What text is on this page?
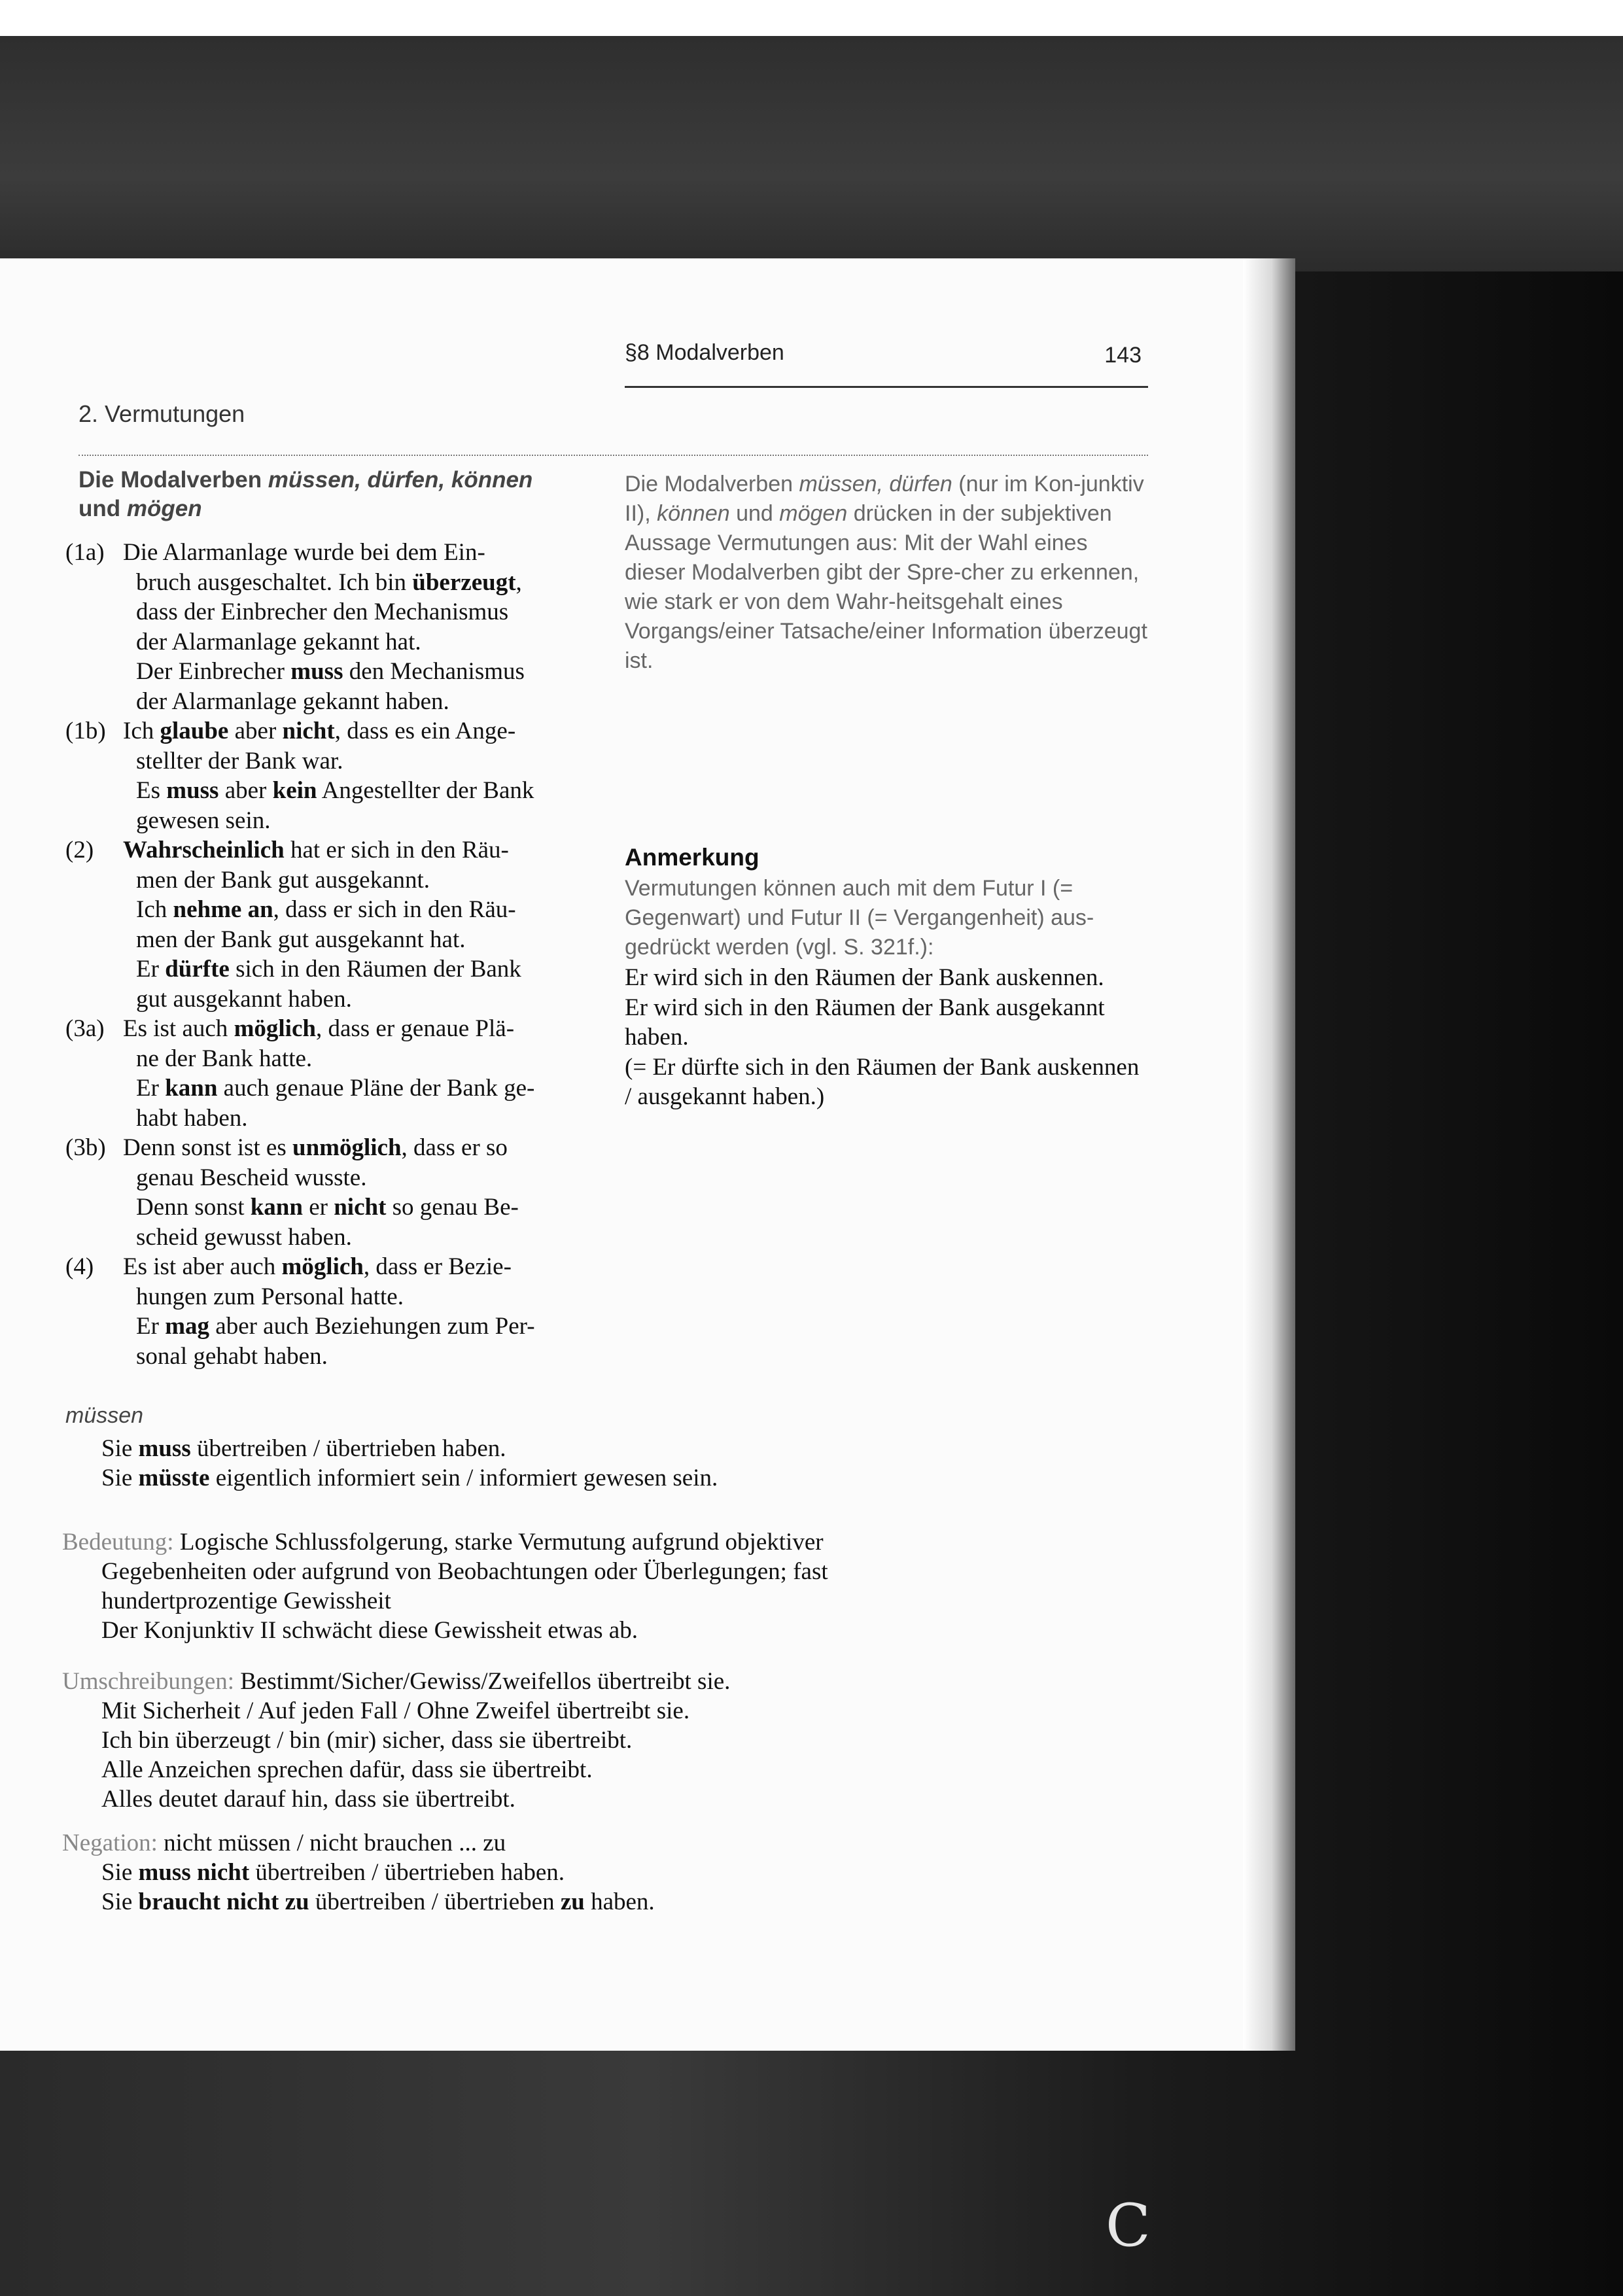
§8 Modalverben	143
2. Vermutungen
Die Modalverben müssen, dürfen, können
und mögen
(1a) Die Alarmanlage wurde bei dem Ein-
bruch ausgeschaltet. Ich bin überzeugt,
dass der Einbrecher den Mechanismus
der Alarmanlage gekannt hat.
Der Einbrecher muss den Mechanismus
der Alarmanlage gekannt haben.
(1b) Ich glaube aber nicht, dass es ein Ange-
stellter der Bank war.
Es muss aber kein Angestellter der Bank
gewesen sein.
(2) Wahrscheinlich hat er sich in den Räu-
men der Bank gut ausgekannt.
Ich nehme an, dass er sich in den Räu-
men der Bank gut ausgekannt hat.
Er dürfte sich in den Räumen der Bank
gut ausgekannt haben.
(3a) Es ist auch möglich, dass er genaue Plä-
ne der Bank hatte.
Er kann auch genaue Pläne der Bank ge-
habt haben.
(3b) Denn sonst ist es unmöglich, dass er so
genau Bescheid wusste.
Denn sonst kann er nicht so genau Be-
scheid gewusst haben.
(4) Es ist aber auch möglich, dass er Bezie-
hungen zum Personal hatte.
Er mag aber auch Beziehungen zum Per-
sonal gehabt haben.
Die Modalverben müssen, dürfen (nur im Kon-junktiv II), können und mögen drücken in der subjektiven Aussage Vermutungen aus: Mit der Wahl eines dieser Modalverben gibt der Spre-cher zu erkennen, wie stark er von dem Wahr-heitsgehalt eines Vorgangs/einer Tatsache/einer Information überzeugt ist.
Anmerkung
Vermutungen können auch mit dem Futur I (= Gegenwart) und Futur II (= Vergangenheit) aus-gedrückt werden (vgl. S. 321f.):
Er wird sich in den Räumen der Bank auskennen.
Er wird sich in den Räumen der Bank ausgekannt haben.
(= Er dürfte sich in den Räumen der Bank auskennen / ausgekannt haben.)
müssen
Sie muss übertreiben / übertrieben haben.
Sie müsste eigentlich informiert sein / informiert gewesen sein.
Bedeutung: Logische Schlussfolgerung, starke Vermutung aufgrund objektiver
Gegebenheiten oder aufgrund von Beobachtungen oder Überlegungen; fast
hundertprozentige Gewissheit
Der Konjunktiv II schwächt diese Gewissheit etwas ab.
Umschreibungen: Bestimmt/Sicher/Gewiss/Zweifellos übertreibt sie.
Mit Sicherheit / Auf jeden Fall / Ohne Zweifel übertreibt sie.
Ich bin überzeugt / bin (mir) sicher, dass sie übertreibt.
Alle Anzeichen sprechen dafür, dass sie übertreibt.
Alles deutet darauf hin, dass sie übertreibt.
Negation: nicht müssen / nicht brauchen ... zu
Sie muss nicht übertreiben / übertrieben haben.
Sie braucht nicht zu übertreiben / übertrieben zu haben.
C
